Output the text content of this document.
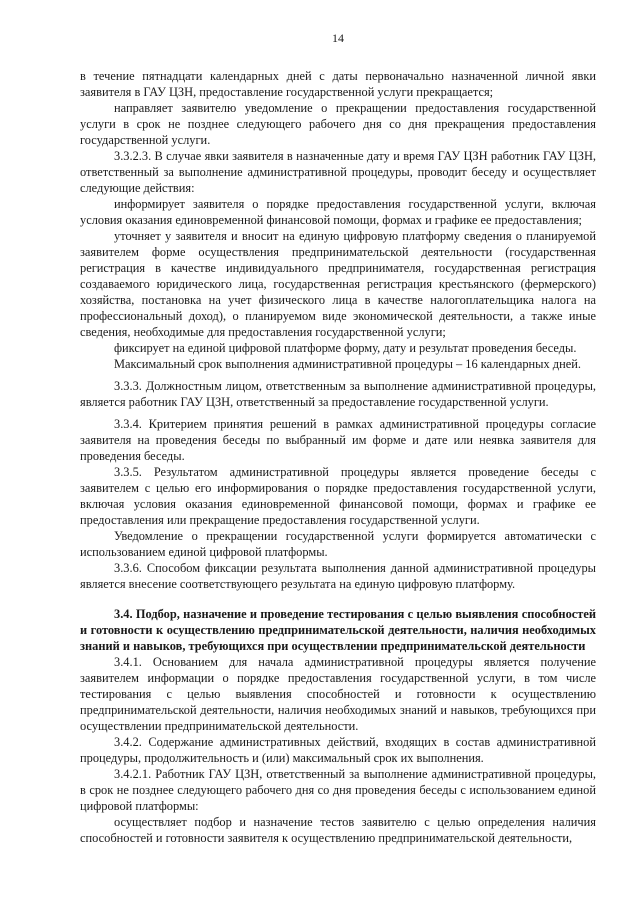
14

в течение пятнадцати календарных дней с даты первоначально назначенной личной явки заявителя в ГАУ ЦЗН, предоставление государственной услуги прекращается;

направляет заявителю уведомление о прекращении предоставления государственной услуги в срок не позднее следующего рабочего дня со дня прекращения предоставления государственной услуги.

3.3.2.3. В случае явки заявителя в назначенные дату и время ГАУ ЦЗН работник ГАУ ЦЗН, ответственный за выполнение административной процедуры, проводит беседу и осуществляет следующие действия:

информирует заявителя о порядке предоставления государственной услуги, включая условия оказания единовременной финансовой помощи, формах и графике ее предоставления;

уточняет у заявителя и вносит на единую цифровую платформу сведения о планируемой заявителем форме осуществления предпринимательской деятельности (государственная регистрация в качестве индивидуального предпринимателя, государственная регистрация создаваемого юридического лица, государственная регистрация крестьянского (фермерского) хозяйства, постановка на учет физического лица в качестве налогоплательщика налога на профессиональный доход), о планируемом виде экономической деятельности, а также иные сведения, необходимые для предоставления государственной услуги;

фиксирует на единой цифровой платформе форму, дату и результат проведения беседы.

Максимальный срок выполнения административной процедуры – 16 календарных дней.

3.3.3. Должностным лицом, ответственным за выполнение административной процедуры, является работник ГАУ ЦЗН, ответственный за предоставление государственной услуги.

3.3.4. Критерием принятия решений в рамках административной процедуры согласие заявителя на проведения беседы по выбранный им форме и дате или неявка заявителя для проведения беседы.

3.3.5. Результатом административной процедуры является проведение беседы с заявителем с целью его информирования о порядке предоставления государственной услуги, включая условия оказания единовременной финансовой помощи, формах и графике ее предоставления или прекращение предоставления государственной услуги.

Уведомление о прекращении государственной услуги формируется автоматически с использованием единой цифровой платформы.

3.3.6. Способом фиксации результата выполнения данной административной процедуры является внесение соответствующего результата на единую цифровую платформу.

3.4. Подбор, назначение и проведение тестирования с целью выявления способностей и готовности к осуществлению предпринимательской деятельности, наличия необходимых знаний и навыков, требующихся при осуществлении предпринимательской деятельности

3.4.1. Основанием для начала административной процедуры является получение заявителем информации о порядке предоставления государственной услуги, в том числе тестирования с целью выявления способностей и готовности к осуществлению предпринимательской деятельности, наличия необходимых знаний и навыков, требующихся при осуществлении предпринимательской деятельности.

3.4.2. Содержание административных действий, входящих в состав административной процедуры, продолжительность и (или) максимальный срок их выполнения.

3.4.2.1. Работник ГАУ ЦЗН, ответственный за выполнение административной процедуры, в срок не позднее следующего рабочего дня со дня проведения беседы с использованием единой цифровой платформы:

осуществляет подбор и назначение тестов заявителю с целью определения наличия способностей и готовности заявителя к осуществлению предпринимательской деятельности,
